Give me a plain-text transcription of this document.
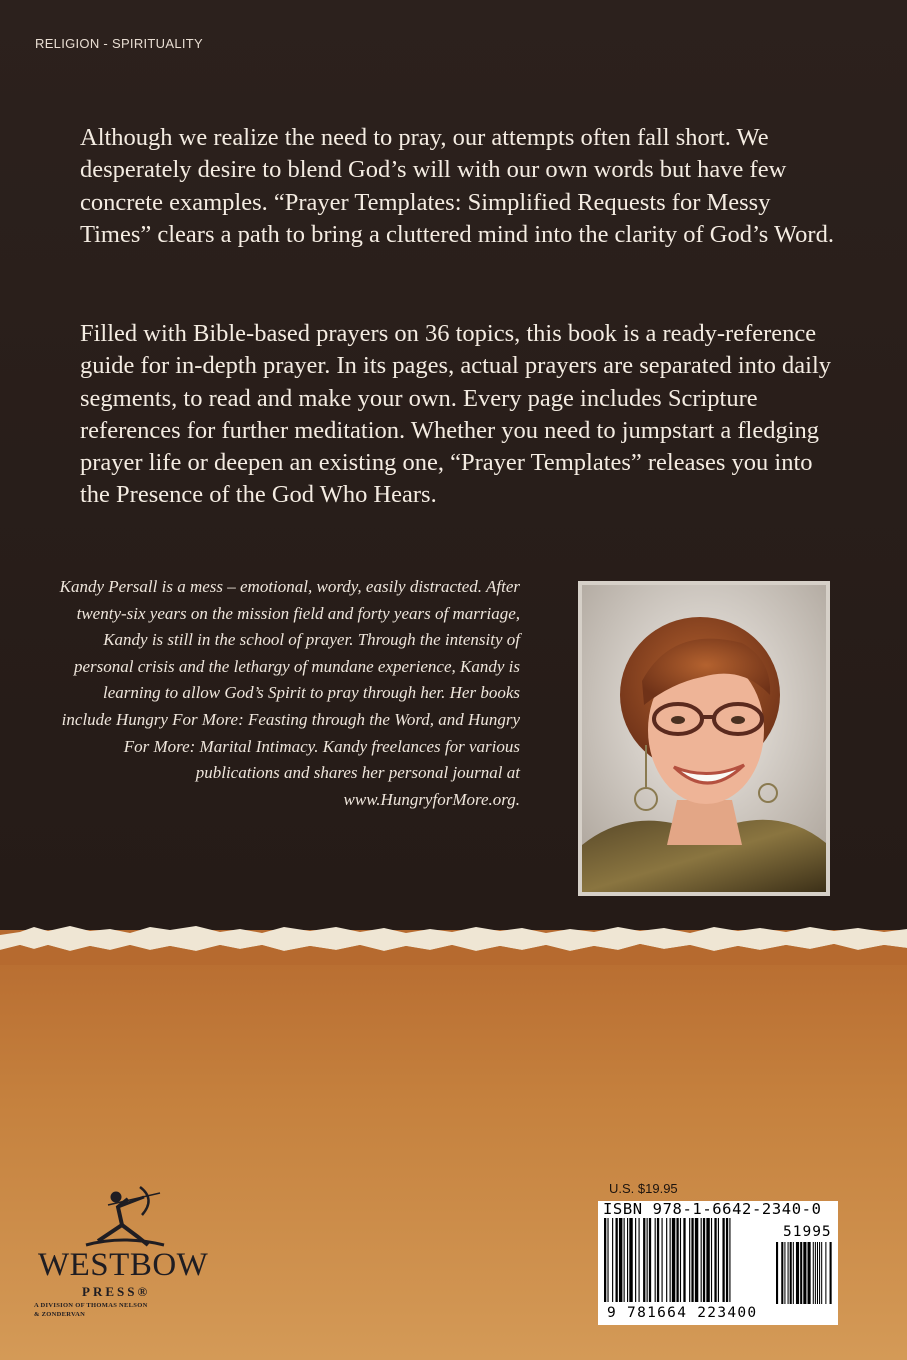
RELIGION - SPIRITUALITY

Although we realize the need to pray, our attempts often fall short. We desperately desire to blend God’s will with our own words but have few concrete examples. “Prayer Templates: Simplified Requests for Messy Times” clears a path to bring a cluttered mind into the clarity of God’s Word.

Filled with Bible-based prayers on 36 topics, this book is a ready-reference guide for in-depth prayer. In its pages, actual prayers are separated into daily segments, to read and make your own. Every page includes Scripture references for further meditation. Whether you need to jumpstart a fledging prayer life or deepen an existing one, “Prayer Templates” releases you into the Presence of the God Who Hears.

Kandy Persall is a mess – emotional, wordy, easily distracted. After twenty-six years on the mission field and forty years of marriage, Kandy is still in the school of prayer. Through the intensity of personal crisis and the lethargy of mundane experience, Kandy is learning to allow God’s Spirit to pray through her. Her books include Hungry For More: Feasting through the Word, and Hungry For More: Marital Intimacy. Kandy freelances for various publications and shares her personal journal at www.HungryforMore.org.

U.S. $19.95
ISBN 978-1-6642-2340-0
51995
9 781664 223400
WESTBOW
PRESS®
A DIVISION OF THOMAS NELSON
& ZONDERVAN
